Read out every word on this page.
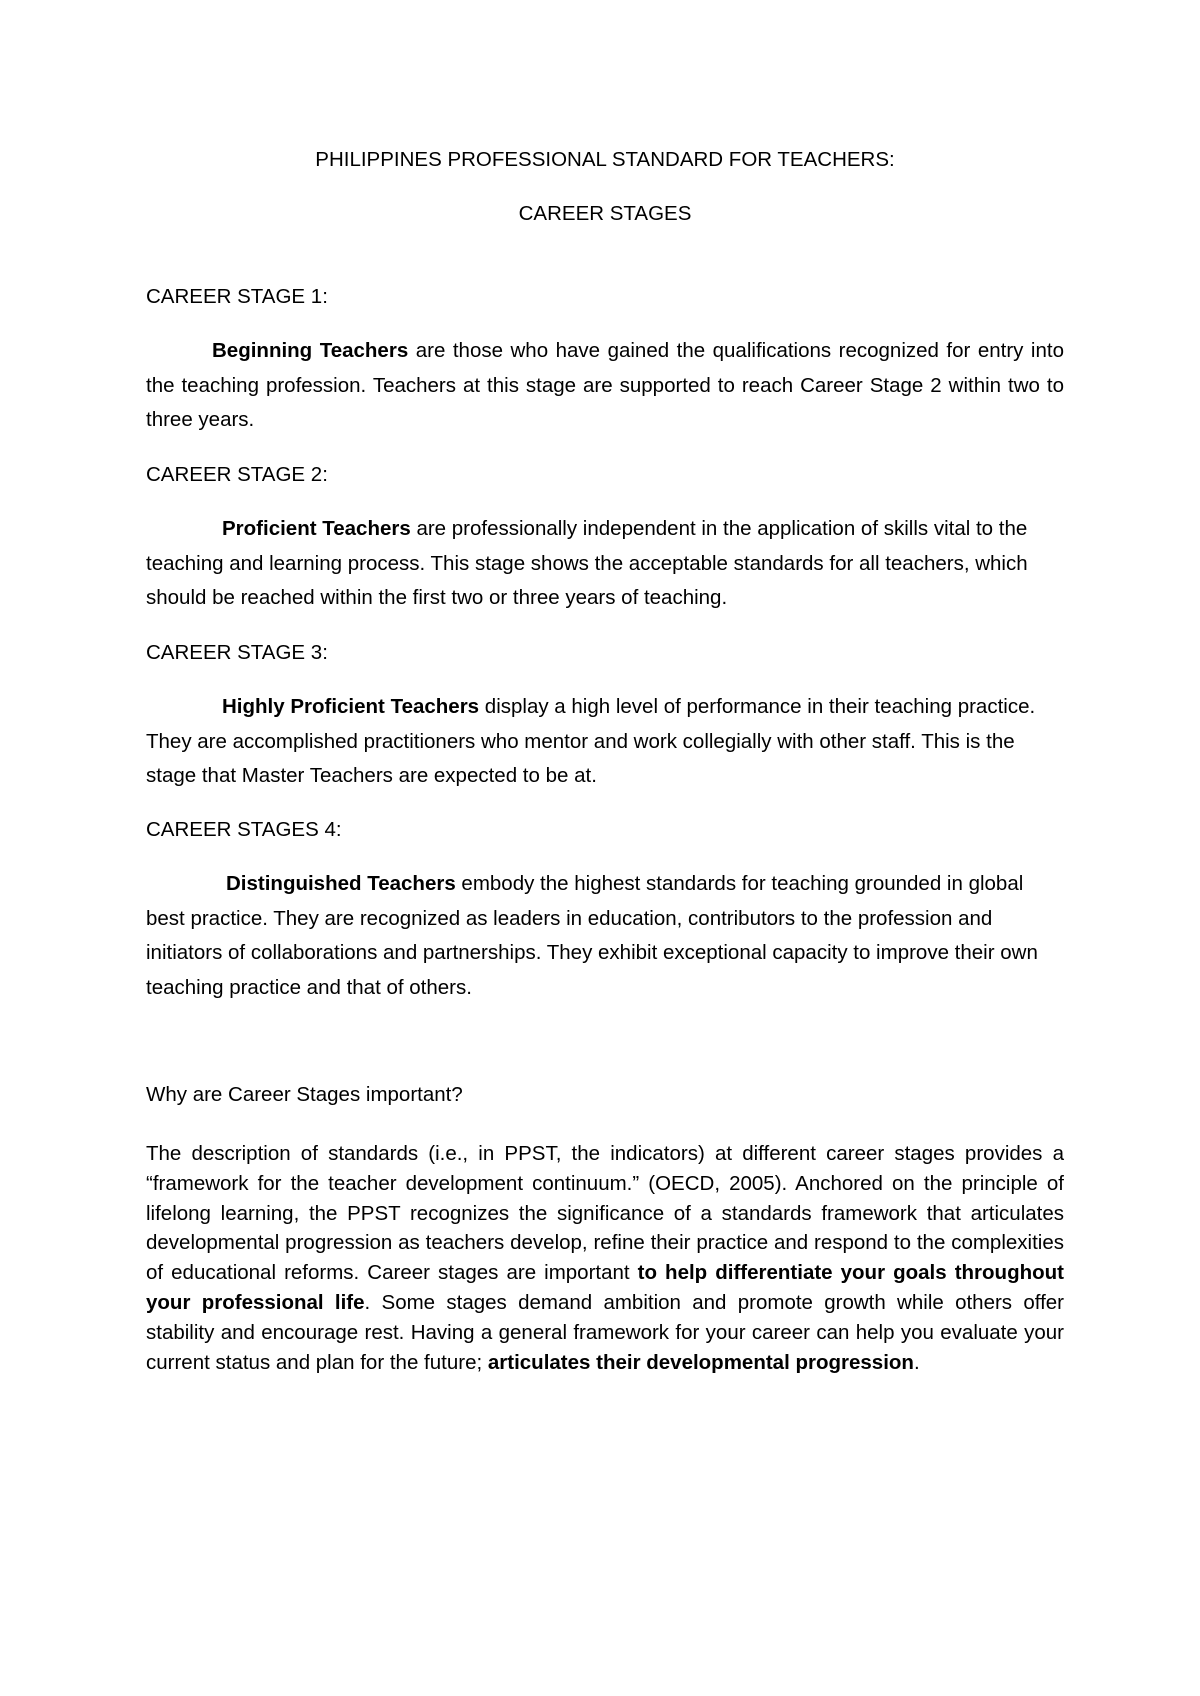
PHILIPPINES PROFESSIONAL STANDARD FOR TEACHERS:

CAREER STAGES

CAREER STAGE 1:

Beginning Teachers are those who have gained the qualifications recognized for entry into the teaching profession. Teachers at this stage are supported to reach Career Stage 2 within two to three years.

CAREER STAGE 2:

Proficient Teachers are professionally independent in the application of skills vital to the teaching and learning process. This stage shows the acceptable standards for all teachers, which should be reached within the first two or three years of teaching.

CAREER STAGE 3:

Highly Proficient Teachers display a high level of performance in their teaching practice. They are accomplished practitioners who mentor and work collegially with other staff. This is the stage that Master Teachers are expected to be at.

CAREER STAGES 4:

Distinguished Teachers embody the highest standards for teaching grounded in global best practice. They are recognized as leaders in education, contributors to the profession and initiators of collaborations and partnerships. They exhibit exceptional capacity to improve their own teaching practice and that of others.

Why are Career Stages important?

The description of standards (i.e., in PPST, the indicators) at different career stages provides a “framework for the teacher development continuum.” (OECD, 2005). Anchored on the principle of lifelong learning, the PPST recognizes the significance of a standards framework that articulates developmental progression as teachers develop, refine their practice and respond to the complexities of educational reforms. Career stages are important to help differentiate your goals throughout your professional life. Some stages demand ambition and promote growth while others offer stability and encourage rest. Having a general framework for your career can help you evaluate your current status and plan for the future; articulates their developmental progression.
